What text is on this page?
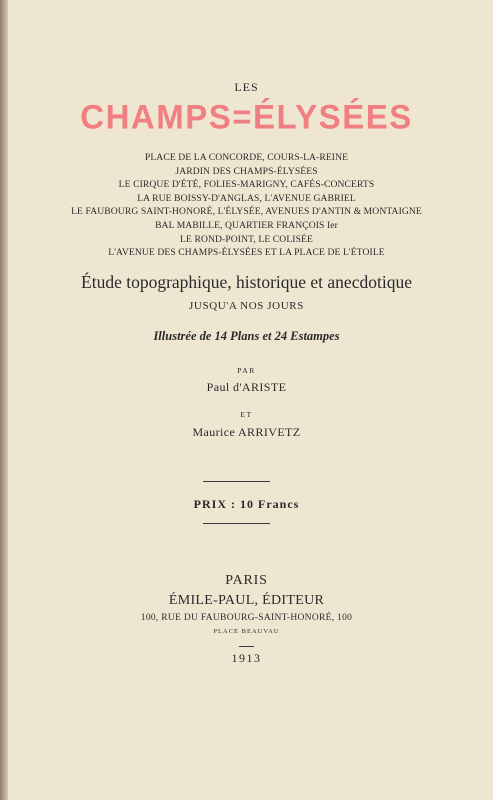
LES
CHAMPS=ÉLYSÉES
PLACE DE LA CONCORDE, COURS-LA-REINE
JARDIN DES CHAMPS-ÉLYSÉES
LE CIRQUE D'ÉTÉ, FOLIES-MARIGNY, CAFÉS-CONCERTS
LA RUE BOISSY-D'ANGLAS, L'AVENUE GABRIEL
LE FAUBOURG SAINT-HONORÉ, L'ÉLYSÉE, AVENUES D'ANTIN & MONTAIGNE
BAL MABILLE, QUARTIER FRANÇOIS Ier
LE ROND-POINT, LE COLISÉE
L'AVENUE DES CHAMPS-ÉLYSÉES ET LA PLACE DE L'ÉTOILE
Étude topographique, historique et anecdotique
JUSQU'A NOS JOURS
Illustrée de 14 Plans et 24 Estampes
PAR
Paul d'ARISTE
ET
Maurice ARRIVETZ
PRIX : 10 Francs
PARIS
ÉMILE-PAUL, ÉDITEUR
100, RUE DU FAUBOURG-SAINT-HONORÉ, 100
PLACE BEAUVAU
1913
